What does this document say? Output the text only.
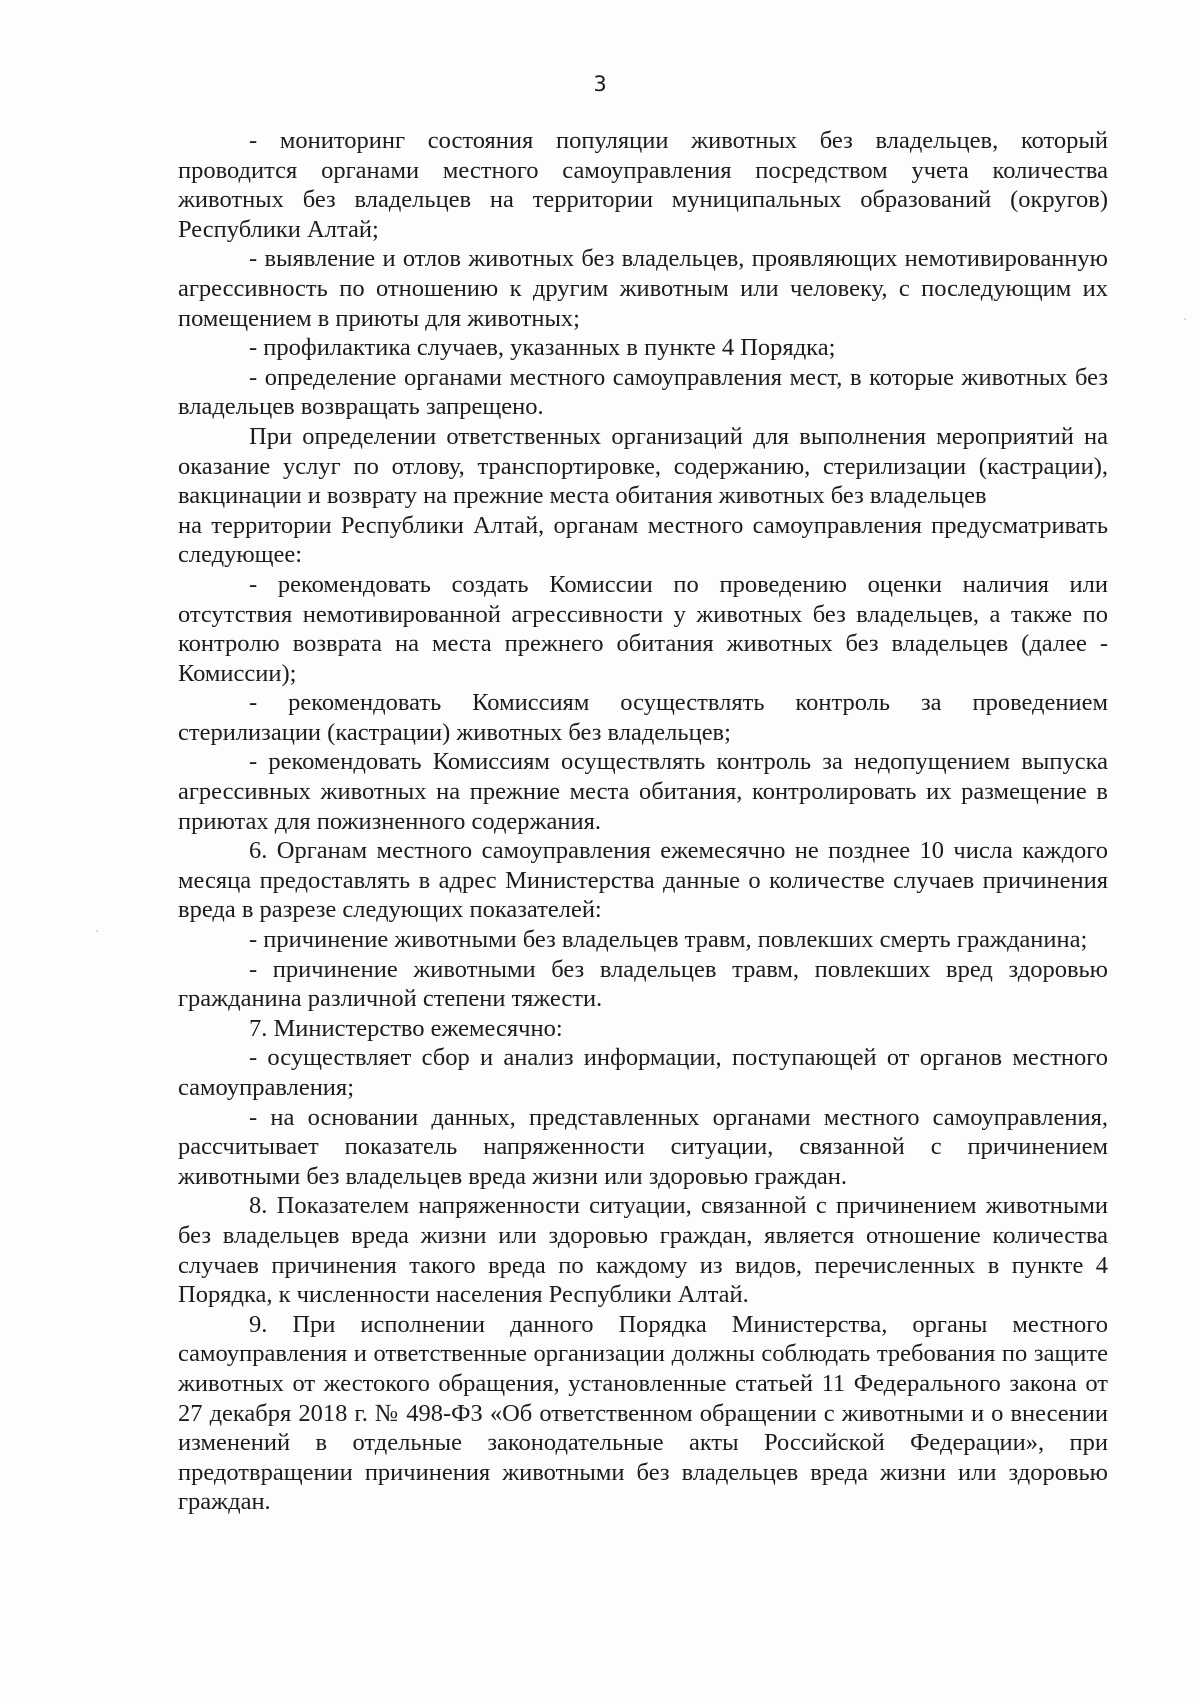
3

- мониторинг состояния популяции животных без владельцев, который проводится органами местного самоуправления посредством учета количества животных без владельцев на территории муниципальных образований (округов) Республики Алтай;

- выявление и отлов животных без владельцев, проявляющих немотивированную агрессивность по отношению к другим животным или человеку, с последующим их помещением в приюты для животных;

- профилактика случаев, указанных в пункте 4 Порядка;

- определение органами местного самоуправления мест, в которые животных без владельцев возвращать запрещено.

При определении ответственных организаций для выполнения мероприятий на оказание услуг по отлову, транспортировке, содержанию, стерилизации (кастрации), вакцинации и возврату на прежние места обитания животных без владельцев

на территории Республики Алтай, органам местного самоуправления предусматривать следующее:

- рекомендовать создать Комиссии по проведению оценки наличия или отсутствия немотивированной агрессивности у животных без владельцев, а также по контролю возврата на места прежнего обитания животных без владельцев (далее - Комиссии);

- рекомендовать Комиссиям осуществлять контроль за проведением стерилизации (кастрации) животных без владельцев;

- рекомендовать Комиссиям осуществлять контроль за недопущением выпуска агрессивных животных на прежние места обитания, контролировать их размещение в приютах для пожизненного содержания.

6. Органам местного самоуправления ежемесячно не позднее 10 числа каждого месяца предоставлять в адрес Министерства данные о количестве случаев причинения вреда в разрезе следующих показателей:

- причинение животными без владельцев травм, повлекших смерть гражданина;

- причинение животными без владельцев травм, повлекших вред здоровью гражданина различной степени тяжести.

7. Министерство ежемесячно:

- осуществляет сбор и анализ информации, поступающей от органов местного самоуправления;

- на основании данных, представленных органами местного самоуправления, рассчитывает показатель напряженности ситуации, связанной с причинением животными без владельцев вреда жизни или здоровью граждан.

8. Показателем напряженности ситуации, связанной с причинением животными без владельцев вреда жизни или здоровью граждан, является отношение количества случаев причинения такого вреда по каждому из видов, перечисленных в пункте 4 Порядка, к численности населения Республики Алтай.

9. При исполнении данного Порядка Министерства, органы местного самоуправления и ответственные организации должны соблюдать требования по защите животных от жестокого обращения, установленные статьей 11 Федерального закона от 27 декабря 2018 г. № 498-ФЗ «Об ответственном обращении с животными и о внесении изменений в отдельные законодательные акты Российской Федерации», при предотвращении причинения животными без владельцев вреда жизни или здоровью граждан.
